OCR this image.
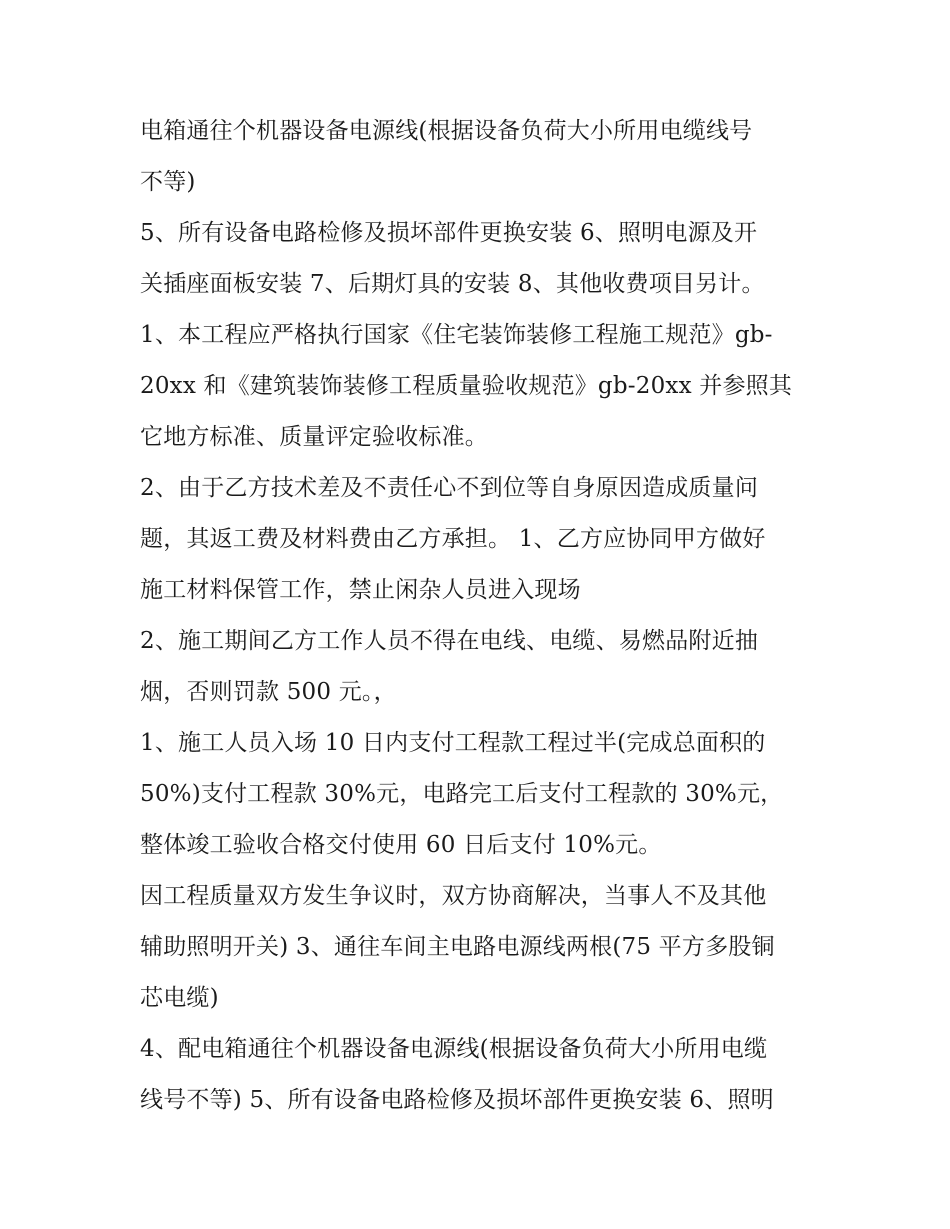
电箱通往个机器设备电源线(根据设备负荷大小所用电缆线号
不等)
5、所有设备电路检修及损坏部件更换安装 6、照明电源及开
关插座面板安装 7、后期灯具的安装 8、其他收费项目另计。
1、本工程应严格执行国家《住宅装饰装修工程施工规范》gb-
20xx 和《建筑装饰装修工程质量验收规范》gb-20xx 并参照其
它地方标准、质量评定验收标准。
2、由于乙方技术差及不责任心不到位等自身原因造成质量问
题，其返工费及材料费由乙方承担。 1、乙方应协同甲方做好
施工材料保管工作，禁止闲杂人员进入现场
2、施工期间乙方工作人员不得在电线、电缆、易燃品附近抽
烟，否则罚款 500 元。，
1、施工人员入场 10 日内支付工程款工程过半(完成总面积的
50%)支付工程款 30%元，电路完工后支付工程款的 30%元，
整体竣工验收合格交付使用 60 日后支付 10%元。
因工程质量双方发生争议时，双方协商解决，当事人不及其他
辅助照明开关) 3、通往车间主电路电源线两根(75 平方多股铜
芯电缆)
4、配电箱通往个机器设备电源线(根据设备负荷大小所用电缆
线号不等) 5、所有设备电路检修及损坏部件更换安装 6、照明
